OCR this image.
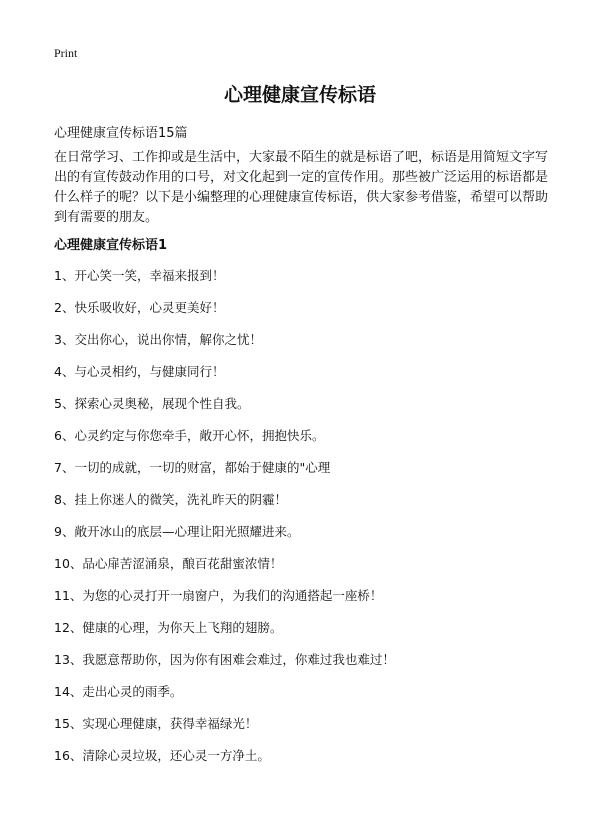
Print
心理健康宣传标语
心理健康宣传标语15篇
在日常学习、工作抑或是生活中，大家最不陌生的就是标语了吧，标语是用简短文字写出的有宣传鼓动作用的口号，对文化起到一定的宣传作用。那些被广泛运用的标语都是什么样子的呢？以下是小编整理的心理健康宣传标语，供大家参考借鉴，希望可以帮助到有需要的朋友。
心理健康宣传标语1
1、开心笑一笑，幸福来报到！
2、快乐吸收好，心灵更美好！
3、交出你心，说出你情，解你之忧！
4、与心灵相约，与健康同行！
5、探索心灵奥秘，展现个性自我。
6、心灵约定与你您牵手，敞开心怀，拥抱快乐。
7、一切的成就，一切的财富，都始于健康的"心理
8、挂上你迷人的微笑，洗礼昨天的阴霾！
9、敞开冰山的底层—心理让阳光照耀进来。
10、品心扉苦涩涌泉，酿百花甜蜜浓情！
11、为您的心灵打开一扇窗户，为我们的沟通搭起一座桥！
12、健康的心理，为你天上飞翔的翅膀。
13、我愿意帮助你，因为你有困难会难过，你难过我也难过！
14、走出心灵的雨季。
15、实现心理健康，获得幸福绿光！
16、清除心灵垃圾，还心灵一方净土。
